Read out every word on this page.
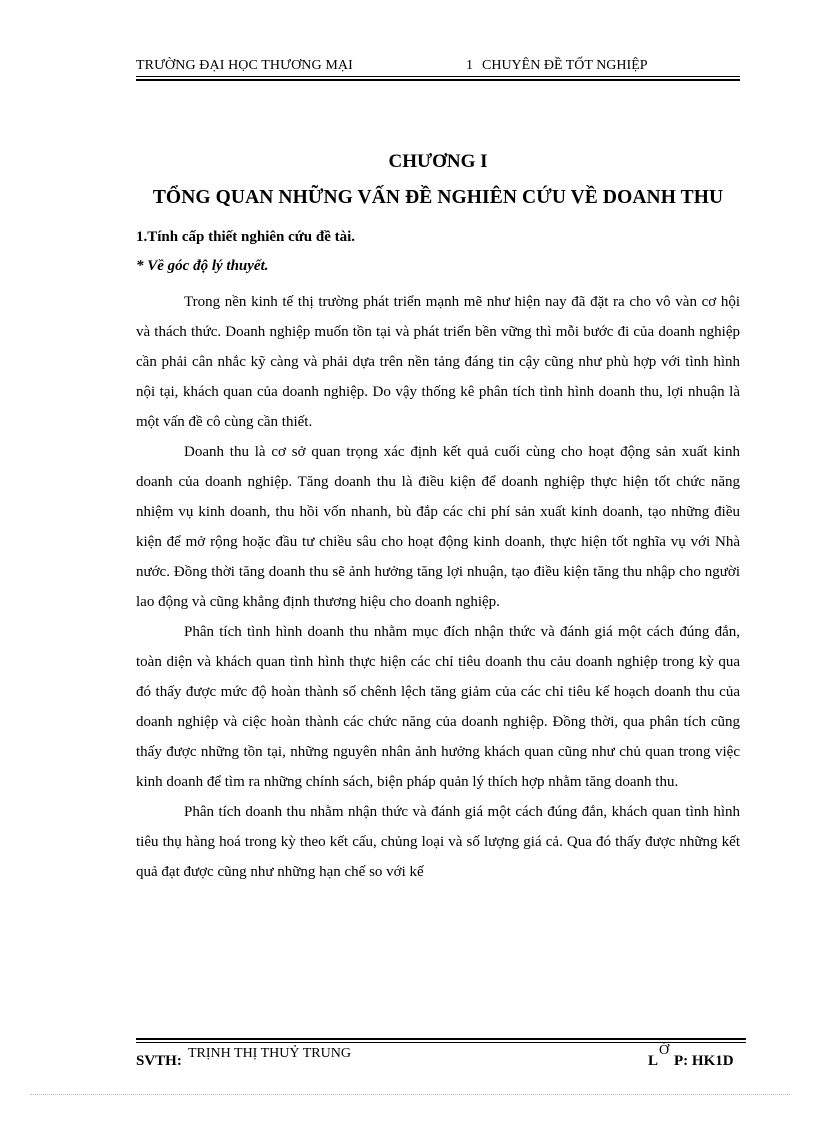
TRƯỜNG ĐẠI HỌC THƯƠNG MẠI	1 CHUYÊN ĐỀ TỐT NGHIỆP
CHƯƠNG I
TỔNG QUAN NHỮNG VẤN ĐỀ NGHIÊN CỨU VỀ DOANH THU
1.Tính cấp thiết nghiên cứu đề tài.
* Về góc độ lý thuyết.

Trong nền kinh tế thị trường phát triển mạnh mẽ như hiện nay đã đặt ra cho vô vàn cơ hội và thách thức. Doanh nghiệp muốn tồn tại và phát triển bền vững thì mỗi bước đi của doanh nghiệp cần phải cân nhắc kỹ càng và phải dựa trên nền tảng đáng tin cậy cũng như phù hợp với tình hình nội tại, khách quan của doanh nghiệp. Do vậy thống kê phân tích tình hình doanh thu, lợi nhuận là một vấn đề cô cùng cần thiết.

Doanh thu là cơ sở quan trọng xác định kết quả cuối cùng cho hoạt động sản xuất kinh doanh của doanh nghiệp. Tăng doanh thu là điều kiện để doanh nghiệp thực hiện tốt chức năng nhiệm vụ kinh doanh, thu hồi vốn nhanh, bù đắp các chi phí sản xuất kinh doanh, tạo những điều kiện để mở rộng hoặc đầu tư chiều sâu cho hoạt động kinh doanh, thực hiện tốt nghĩa vụ với Nhà nước. Đồng thời tăng doanh thu sẽ ảnh hưởng tăng lợi nhuận, tạo điều kiện tăng thu nhập cho người lao động và cũng khẳng định thương hiệu cho doanh nghiệp.

Phân tích tình hình doanh thu nhằm mục đích nhận thức và đánh giá một cách đúng đắn, toàn diện và khách quan tình hình thực hiện các chỉ tiêu doanh thu cảu doanh nghiệp trong kỳ qua đó thấy được mức độ hoàn thành số chênh lệch tăng giảm của các chỉ tiêu kế hoạch doanh thu của doanh nghiệp và ciệc hoàn thành các chức năng của doanh nghiệp. Đồng thời, qua phân tích cũng thấy được những tồn tại, những nguyên nhân ảnh hưởng khách quan cũng như chủ quan trong việc kinh doanh để tìm ra những chính sách, biện pháp quản lý thích hợp nhằm tăng doanh thu.

Phân tích doanh thu nhằm nhận thức và đánh giá một cách đúng đắn, khách quan tình hình tiêu thụ hàng hoá trong kỳ theo kết cấu, chủng loại và số lượng giá cả. Qua đó thấy được những kết quả đạt được cũng như những hạn chế so với kế

SVTH: TRỊNH THỊ THUỶ TRUNG	L
Ớ
P: HK1D
